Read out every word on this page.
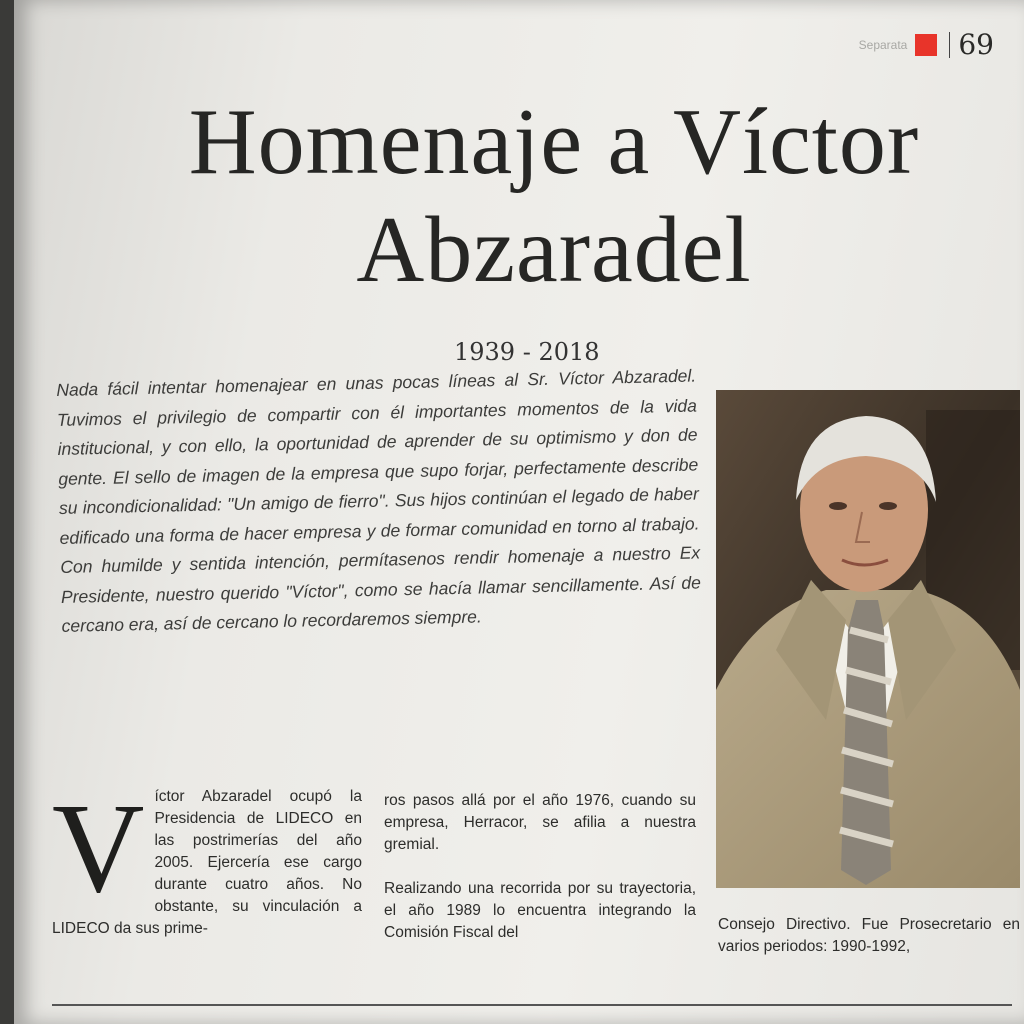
Separata 69
Homenaje a Víctor Abzaradel
1939 - 2018
Nada fácil intentar homenajear en unas pocas líneas al Sr. Víctor Abzaradel. Tuvimos el privilegio de compartir con él importantes momentos de la vida institucional, y con ello, la oportunidad de aprender de su optimismo y don de gente. El sello de imagen de la empresa que supo forjar, perfectamente describe su incondicionalidad: "Un amigo de fierro". Sus hijos continúan el legado de haber edificado una forma de hacer empresa y de formar comunidad en torno al trabajo. Con humilde y sentida intención, permítasenos rendir homenaje a nuestro Ex Presidente, nuestro querido "Víctor", como se hacía llamar sencillamente. Así de cercano era, así de cercano lo recordaremos siempre.
V íctor Abzaradel ocupó la Presidencia de LIDECO en las postrimerías del año 2005. Ejercería ese cargo durante cuatro años. No obstante, su vinculación a LIDECO da sus prime-

ros pasos allá por el año 1976, cuando su empresa, Herracor, se afilia a nuestra gremial.

Realizando una recorrida por su trayectoria, el año 1989 lo encuentra integrando la Comisión Fiscal del	Consejo Directivo. Fue Prosecretario en varios periodos: 1990-1992,
